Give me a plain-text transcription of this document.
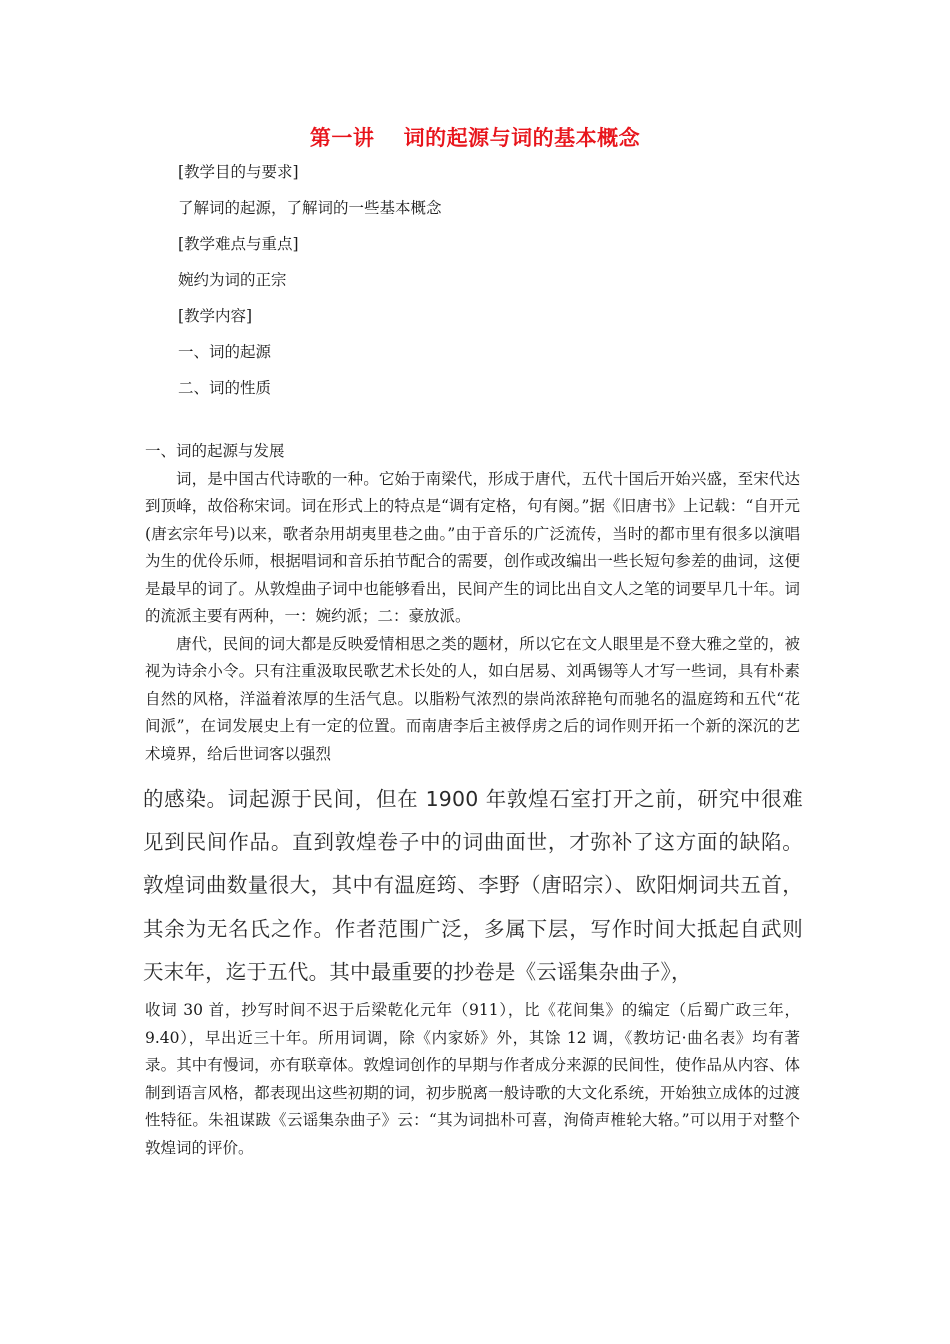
第一讲　 词的起源与词的基本概念
[教学目的与要求]
了解词的起源，了解词的一些基本概念
[教学难点与重点]
婉约为词的正宗
[教学内容]
一、词的起源
二、词的性质
一、词的起源与发展

词，是中国古代诗歌的一种。它始于南梁代，形成于唐代，五代十国后开始兴盛，至宋代达到顶峰，故俗称宋词。词在形式上的特点是“调有定格，句有阕。”据《旧唐书》上记载：“自开元(唐玄宗年号)以来，歌者杂用胡夷里巷之曲。”由于音乐的广泛流传，当时的都市里有很多以演唱为生的优伶乐师，根据唱词和音乐拍节配合的需要，创作或改编出一些长短句参差的曲词，这便是最早的词了。从敦煌曲子词中也能够看出，民间产生的词比出自文人之笔的词要早几十年。词的流派主要有两种，一：婉约派；二：豪放派。

唐代，民间的词大都是反映爱情相思之类的题材，所以它在文人眼里是不登大雅之堂的，被视为诗余小令。只有注重汲取民歌艺术长处的人，如白居易、刘禹锡等人才写一些词，具有朴素自然的风格，洋溢着浓厚的生活气息。以脂粉气浓烈的崇尚浓辞艳句而驰名的温庭筠和五代“花间派”，在词发展史上有一定的位置。而南唐李后主被俘虏之后的词作则开拓一个新的深沉的艺术境界，给后世词客以强烈

的感染。词起源于民间，但在 1900 年敦煌石室打开之前，研究中很难见到民间作品。直到敦煌卷子中的词曲面世，才弥补了这方面的缺陷。敦煌词曲数量很大，其中有温庭筠、李野（唐昭宗）、欧阳炯词共五首，其余为无名氏之作。作者范围广泛，多属下层，写作时间大抵起自武则天末年，迄于五代。其中最重要的抄卷是《云谣集杂曲子》，

收词 30 首，抄写时间不迟于后梁乾化元年（911），比《花间集》的编定（后蜀广政三年，9.40），早出近三十年。所用词调，除《内家娇》外，其馀 12 调，《教坊记·曲名表》均有著录。其中有慢词，亦有联章体。敦煌词创作的早期与作者成分来源的民间性，使作品从内容、体制到语言风格，都表现出这些初期的词，初步脱离一般诗歌的大文化系统，开始独立成体的过渡性特征。朱祖谋跋《云谣集杂曲子》云：“其为词拙朴可喜，洵倚声椎轮大辂。”可以用于对整个敦煌词的评价。
